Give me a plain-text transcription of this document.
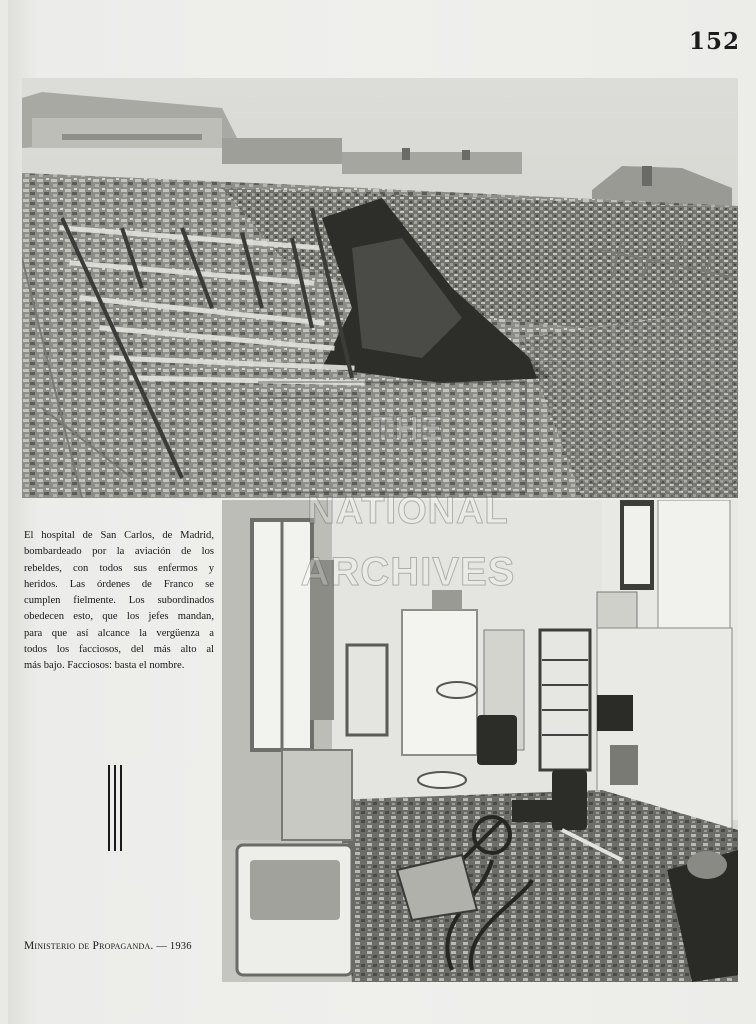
152
THE
NATIONAL
ARCHIVES
El hospital de San Carlos, de Madrid,
bombardeado por la aviación de los
rebeldes, con todos sus enfermos y
heridos. Las órdenes de Franco se
cumplen fielmente. Los subordinados
obedecen esto, que los jefes mandan,
para que así alcance la vergüenza a
todos los facciosos, del más alto al
más bajo. Facciosos: basta el nombre.
Ministerio de Propaganda. — 1936
